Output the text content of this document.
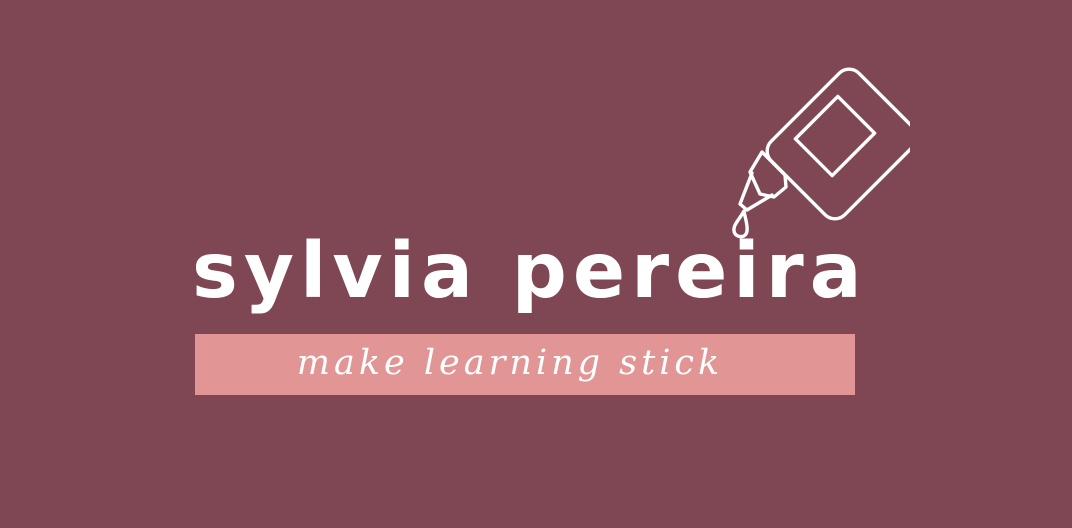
sylvia pereira
make learning stick
